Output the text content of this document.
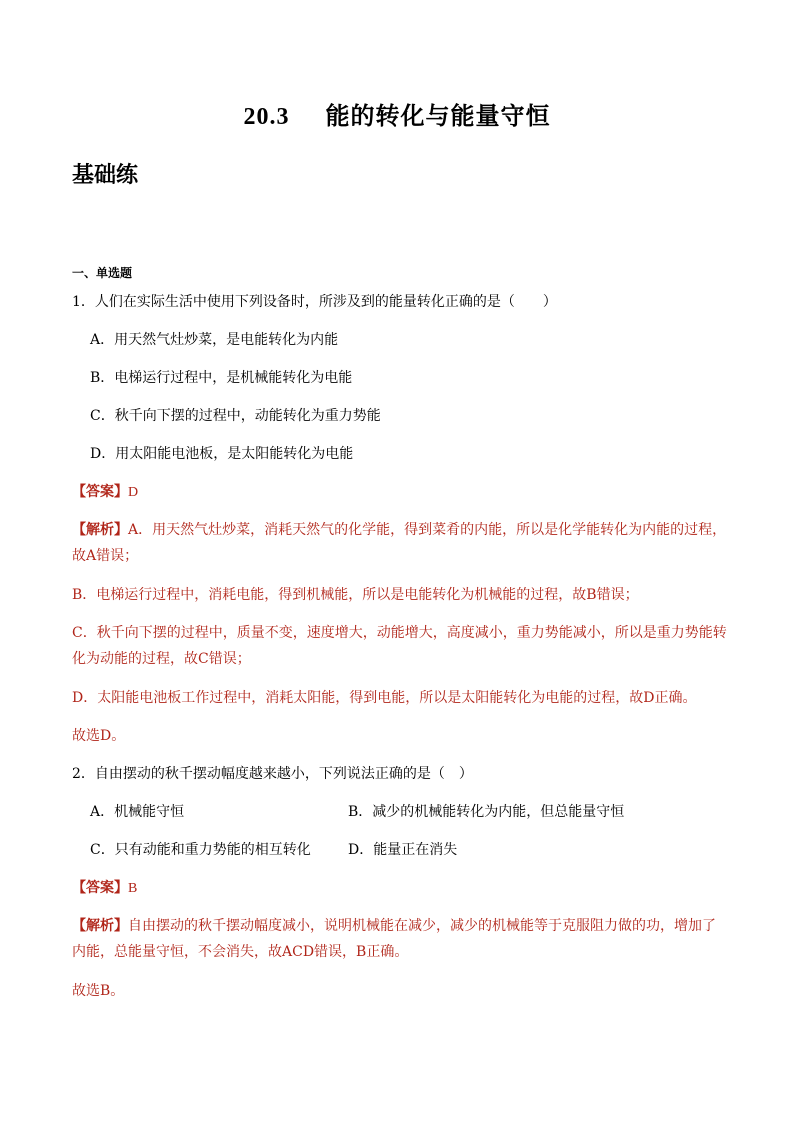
20.3 能的转化与能量守恒
基础练
一、单选题
1．人们在实际生活中使用下列设备时，所涉及到的能量转化正确的是（　　）
A．用天然气灶炒菜，是电能转化为内能
B．电梯运行过程中，是机械能转化为电能
C．秋千向下摆的过程中，动能转化为重力势能
D．用太阳能电池板，是太阳能转化为电能
【答案】D
【解析】A．用天然气灶炒菜，消耗天然气的化学能，得到菜肴的内能，所以是化学能转化为内能的过程，
故A错误；
B．电梯运行过程中，消耗电能，得到机械能，所以是电能转化为机械能的过程，故B错误；
C．秋千向下摆的过程中，质量不变，速度增大，动能增大，高度减小，重力势能减小，所以是重力势能转
化为动能的过程，故C错误；
D．太阳能电池板工作过程中，消耗太阳能，得到电能，所以是太阳能转化为电能的过程，故D正确。
故选D。
2．自由摆动的秋千摆动幅度越来越小，下列说法正确的是（　）
A．机械能守恒	B．减少的机械能转化为内能，但总能量守恒
C．只有动能和重力势能的相互转化	D．能量正在消失
【答案】B
【解析】自由摆动的秋千摆动幅度减小，说明机械能在减少，减少的机械能等于克服阻力做的功，增加了
内能，总能量守恒，不会消失，故ACD错误，B正确。
故选B。
